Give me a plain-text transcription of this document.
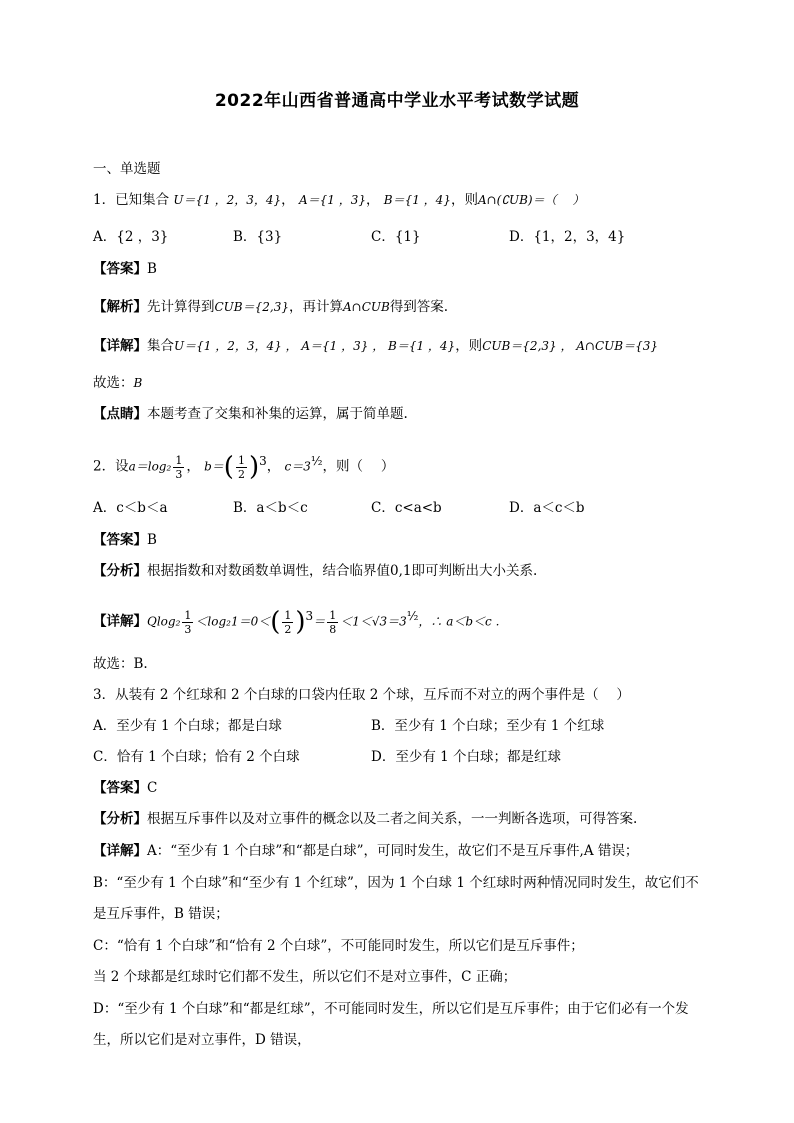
2022年山西省普通高中学业水平考试数学试题
一、单选题
1．已知集合 U＝{1 ，2，3，4}， A＝{1 ，3}， B＝{1 ，4}，则A∩(∁UB)＝（　 ）
A．{2 ，3}	B．{3}	C．{1}	D．{1，2，3，4}
【答案】B
【解析】先计算得到CUB＝{2,3}，再计算A∩CUB得到答案.
【详解】集合U＝{1 ，2，3，4} ， A＝{1 ，3} ， B＝{1 ，4}，则CUB＝{2,3} ， A∩CUB＝{3}
故选：B
【点睛】本题考查了交集和补集的运算，属于简单题.
2．设$a=\log_2 \frac{1}{3}$ ， $b=( \frac{1}{2} )^3$， $c=3^{\frac{1}{2}}$，则（　 ）
A．c＜b＜a	B．a＜b＜c	C．c<a<b	D．a＜c＜b
【答案】B
【分析】根据指数和对数函数单调性，结合临界值0,1即可判断出大小关系.
【详解】$Qlog_2 \frac{1}{3} <\log_21=0<( \frac{1}{2} )^3= \frac{1}{8} <1<√3=3^{\frac{1}{2}}$，∴ a＜b＜c .
故选：B.
3．从装有 2 个红球和 2 个白球的口袋内任取 2 个球，互斥而不对立的两个事件是（　 ）
A．至少有 1 个白球；都是白球	B．至少有 1 个白球；至少有 1 个红球
C．恰有 1 个白球；恰有 2 个白球	D．至少有 1 个白球；都是红球
【答案】C
【分析】根据互斥事件以及对立事件的概念以及二者之间关系，一一判断各选项，可得答案.
【详解】A：“至少有 1 个白球”和“都是白球”，可同时发生，故它们不是互斥事件,A 错误；
B：“至少有 1 个白球”和“至少有 1 个红球”，因为 1 个白球 1 个红球时两种情况同时发生，故它们不
是互斥事件，B 错误；
C：“恰有 1 个白球”和“恰有 2 个白球”，不可能同时发生，所以它们是互斥事件；
当 2 个球都是红球时它们都不发生，所以它们不是对立事件，C 正确；
D：“至少有 1 个白球”和“都是红球”，不可能同时发生，所以它们是互斥事件；由于它们必有一个发
生，所以它们是对立事件，D 错误，
